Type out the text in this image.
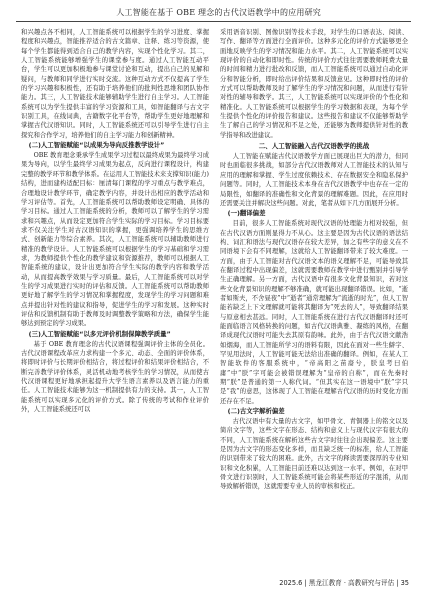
人工智能在基于 OBE 理念的古代汉语教学中的应用研究

和兴趣点各不相同，人工智能系统可以根据学生的学习进度、掌握程度和兴趣点，智能推荐适合的古文篇章、注释、练习等资源，使每个学生都能得到适合自己的教学内容，实现个性化学习。其二，人工智能系统能够增强学生的课堂参与度。通过人工智能互动平台，学生可以更加积极地参与课堂讨论和互动，提出自己的见解和疑问，与教师和同学进行实时交流。这种互动方式不仅提高了学生的学习兴趣和积极性，还有助于培养他们的批判性思维和团队协作能力。其三，人工智能技术能够辅助学生进行自主学习。人工智能系统可以为学生提供丰富的学习资源和工具，如智能翻译与古文字识别工具，在线词典，古籍数字化平台等，帮助学生更好地理解和掌握古代汉语知识。同时，人工智能系统还可以引导学生进行自主探究和合作学习，培养他们的自主学习能力和创新精神。

(二)人工智能赋能“以成果为导向反推教学设计”

OBE 教育理念秉承学生成果学习过程以最终成果为最终学习成果为导向，以学生最终学习成果为起点，反向进行课程设计，构建完整的教学环节和教学体系。在运用人工智能技术来支撑知识(能力)结构，进而建构适配目标：厘清每门课程的学习重点与教学难点，合理地设计教学环节，确定教学内容，并设计出相应的教学活动和学习评估等。首先，人工智能系统可以帮助教师设定明确、具体的学习目标。通过人工智能系统的分析，教师可以了解学生的学习需求和兴趣点，从而设定更加符合学生实际的学习目标。学习目标要求不仅关注学生对古汉语知识的掌握，更强调培养学生的思维方式、创新能力等综合素养。其次，人工智能系统可以辅助教师进行精准的教学设计。人工智能系统可以根据学生的学习基础和学习需求，为教师提供个性化的教学建议和资源推荐，教师可以根据人工智能系统的建议，设计出更加符合学生实际的教学内容和教学活动，从而提高教学效果与学习质量。最后，人工智能系统可以对学生的学习成果进行实时的评估和反馈。人工智能系统可以帮助教师更好地了解学生的学习情况和掌握程度，发现学生的学习问题和难点并提出针对性的建议和指导，促进学生的学习和发展。这种实时评估和反馈机制有助于教师及时调整教学策略和方法，确保学生能够达到预定的学习成果。

(三)人工智能赋能“以多元评价机制保障教学质量”

基于 OBE 教育理念的古代汉语课程强调评价主体的全员化。古代汉语课程改革应力求构建一个多元、动态、全面的评价体系，将即时评价与长期评价相结合，将过程评价和结果评价相结合，不断完善教学评价体系，灵活机动地考核学生的学习情况，从而使古代汉语课程更好地承担起提升大学生语言素养以及语言能力的重任。人工智能技术能够为这一机制提供有力的支持。其一，人工智能系统可以实现多元化的评价方式。除了传统的考试和作业评价外，人工智能系统还可以

采用语音识别、图像识别等技术手段，对学生的口语表达、阅读、写作、翻译等方面进行全面评价。这种多元化的评价方式能够更全面地反映学生的学习情况和能力水平。其二，人工智能系统可以实现评价的自动化和即时性。传统的评价方式往往需要教师耗费大量的时间和精力进行批改和反馈，而人工智能系统可以通过自动化评分和智能分析，即时给出评价结果和反馈意见。这种即时性的评价方式可以帮助教师及时了解学生的学习情况和问题，从而进行有针对性的辅导和教学。其三，人工智能系统可以实现评价的个性化和精准化。人工智能系统可以根据学生的学习数据和表现，为每个学生提供个性化的评价报告和建议。这些报告和建议不仅能够帮助学生了解自己的学习情况和不足之处，还能够为教师提供针对性的教学指导和改进建议。

二、人工智能融入古代汉语教学的挑战

人工智能在赋能古代汉语教学方面已展现出巨大的潜力，但同时也面临很多挑战，如部分古代汉语教师对人工智能技术的认知与应用的理解和掌握、学生过度依赖技术、存在数据安全和隐私保护问题等。同时，人工智能技术本身在古代汉语教学中也存在一定的局限性，如翻译的准确性和文化背景的理解难题。因此，在应用时还需要关注并解决这些问题。对此，笔者从如下几方面展开分析。

(一)翻译偏差

目前，很多人工智能系统对现代汉语的处理能力相对较强，但在古代汉语方面则显得力不从心。这主要是因为古代汉语的语法结构、词汇和语法与现代汉语存在较大差异，加之有些字的意义在不同语境下会有不同理解，这就给人工智能翻译带来了较大难度。一方面，由于人工智能对古代汉语文本的语义理解不足，可能导致其在翻译过程中出现偏差，这就需要教师在教学中进行甄别并引导学生正确理解。另一方面，古代汉语中有很多文化背景知识，若对这些文化背景知识的理解不够准确，就可能出现翻译错误。比如，“逝者如斯夫，不舍昼夜”中“逝者”通常理解为“流逝的时光”，但人工智能若缺乏上下文理解就可能将其翻译为“死去的人”，导致翻译结果与原意相去甚远。同时，人工智能系统在进行古代汉语翻译时还可能面临语言风格转换的问题，如古代汉语典雅、凝练的风格，在翻译成现代汉语时可能失去其原有韵味。此外，由于古代汉语文献浩如烟海，而人工智能所学习的语料有限，因此在面对一些生僻字、罕见用法时，人工智能可能无法给出准确的翻译。例如，在某人工智能软件的客服系统中，“帝高阳之苗裔兮，朕皇考曰伯庸”中“朕”字可能会被错误理解为“皇帝的自称”，而在先秦时期“朕”是普通的第一人称代词。“但其实在这一语境中“朕”字只是“我”的意思，这体现了人工智能在理解古代汉语的历时变化方面还存在不足。

(二)古文字解析偏差

古代汉语中有大量的古文字，如甲骨文、青铜器上的铭文以及简帛文字等，这些文字在形态、结构和意义上与现代汉字有很大的不同，人工智能系统在解析这些古文字时往往会出现偏差。这主要是因为古文字的形态变化多样，而且缺乏统一的标准，给人工智能的识别带来了较大的困难。此外，古文字的释读需要深厚的专业知识和文化积累，人工智能目前还难以达到这一水平。例如，在对甲骨文进行识别时，人工智能系统可能会将某些形近的字混淆，从而导致解析错误，这就需要专业人员的审核和校正。

2025.6 | 黑龙江教育 · 高教研究与评估 | 35
